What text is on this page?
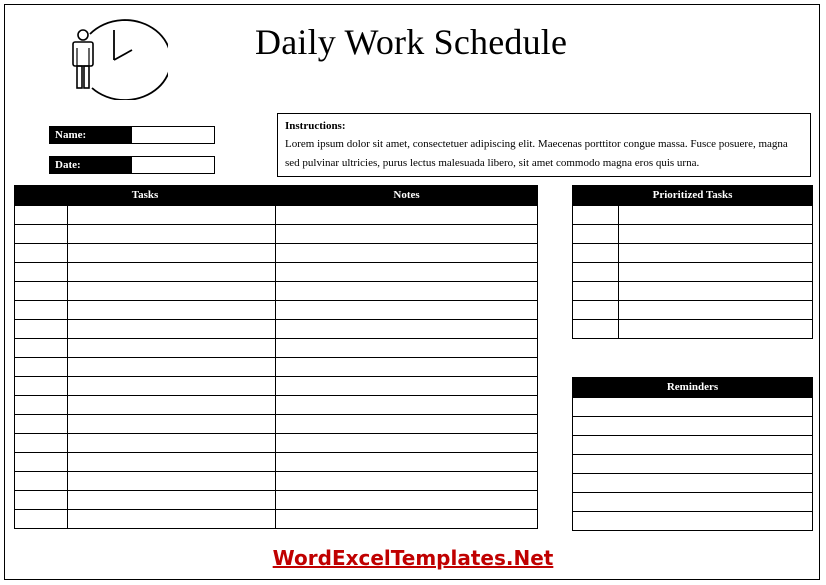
Daily Work Schedule
Name:
Date:
Instructions:
Lorem ipsum dolor sit amet, consectetuer adipiscing elit. Maecenas porttitor congue massa. Fusce posuere, magna sed pulvinar ultricies, purus lectus malesuada libero, sit amet commodo magna eros quis urna.
Tasks		Notes

			Prioritized Tasks	

Reminders

WordExcelTemplates.Net
